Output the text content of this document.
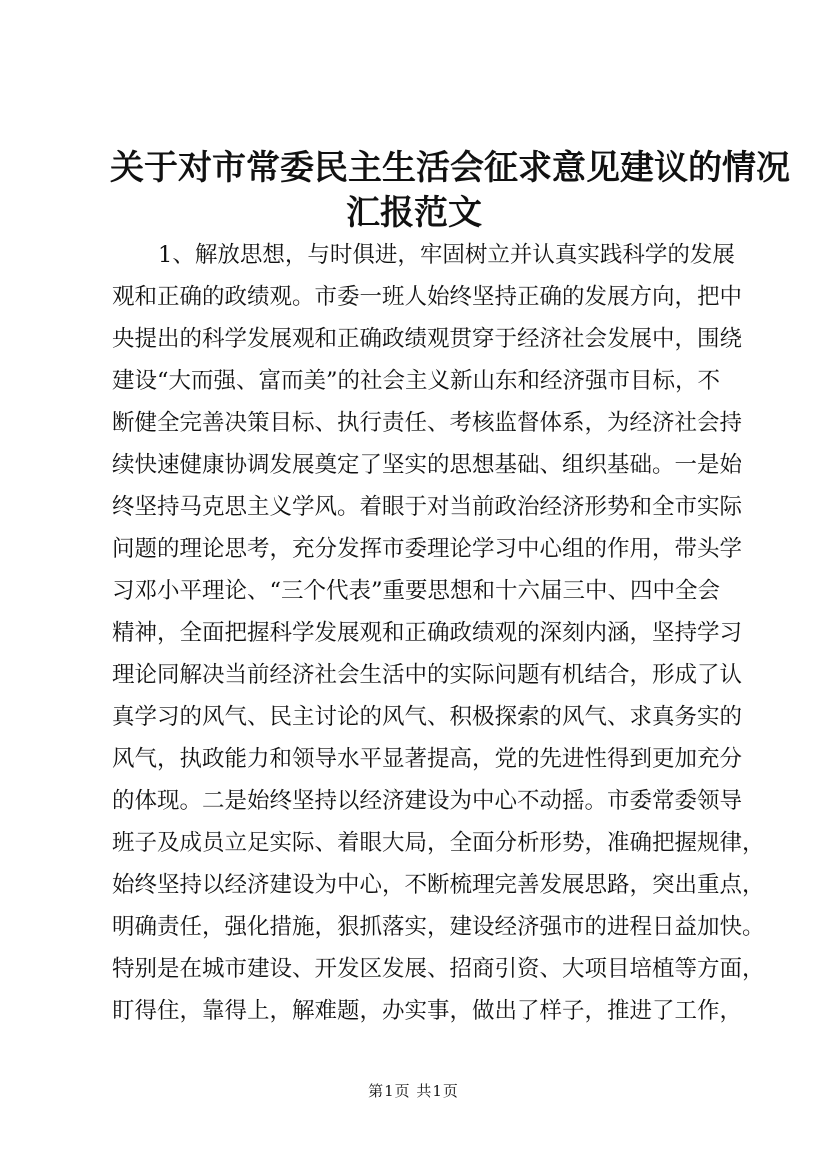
关于对市常委民主生活会征求意见建议的情况
汇报范文
1、解放思想，与时俱进，牢固树立并认真实践科学的发展
观和正确的政绩观。市委一班人始终坚持正确的发展方向，把中
央提出的科学发展观和正确政绩观贯穿于经济社会发展中，围绕
建设“大而强、富而美”的社会主义新山东和经济强市目标，不
断健全完善决策目标、执行责任、考核监督体系，为经济社会持
续快速健康协调发展奠定了坚实的思想基础、组织基础。一是始
终坚持马克思主义学风。着眼于对当前政治经济形势和全市实际
问题的理论思考，充分发挥市委理论学习中心组的作用，带头学
习邓小平理论、“三个代表”重要思想和十六届三中、四中全会
精神，全面把握科学发展观和正确政绩观的深刻内涵，坚持学习
理论同解决当前经济社会生活中的实际问题有机结合，形成了认
真学习的风气、民主讨论的风气、积极探索的风气、求真务实的
风气，执政能力和领导水平显著提高，党的先进性得到更加充分
的体现。二是始终坚持以经济建设为中心不动摇。市委常委领导
班子及成员立足实际、着眼大局，全面分析形势，准确把握规律，
始终坚持以经济建设为中心，不断梳理完善发展思路，突出重点，
明确责任，强化措施，狠抓落实，建设经济强市的进程日益加快。
特别是在城市建设、开发区发展、招商引资、大项目培植等方面，
盯得住，靠得上，解难题，办实事，做出了样子，推进了工作，
第1页 共1页
